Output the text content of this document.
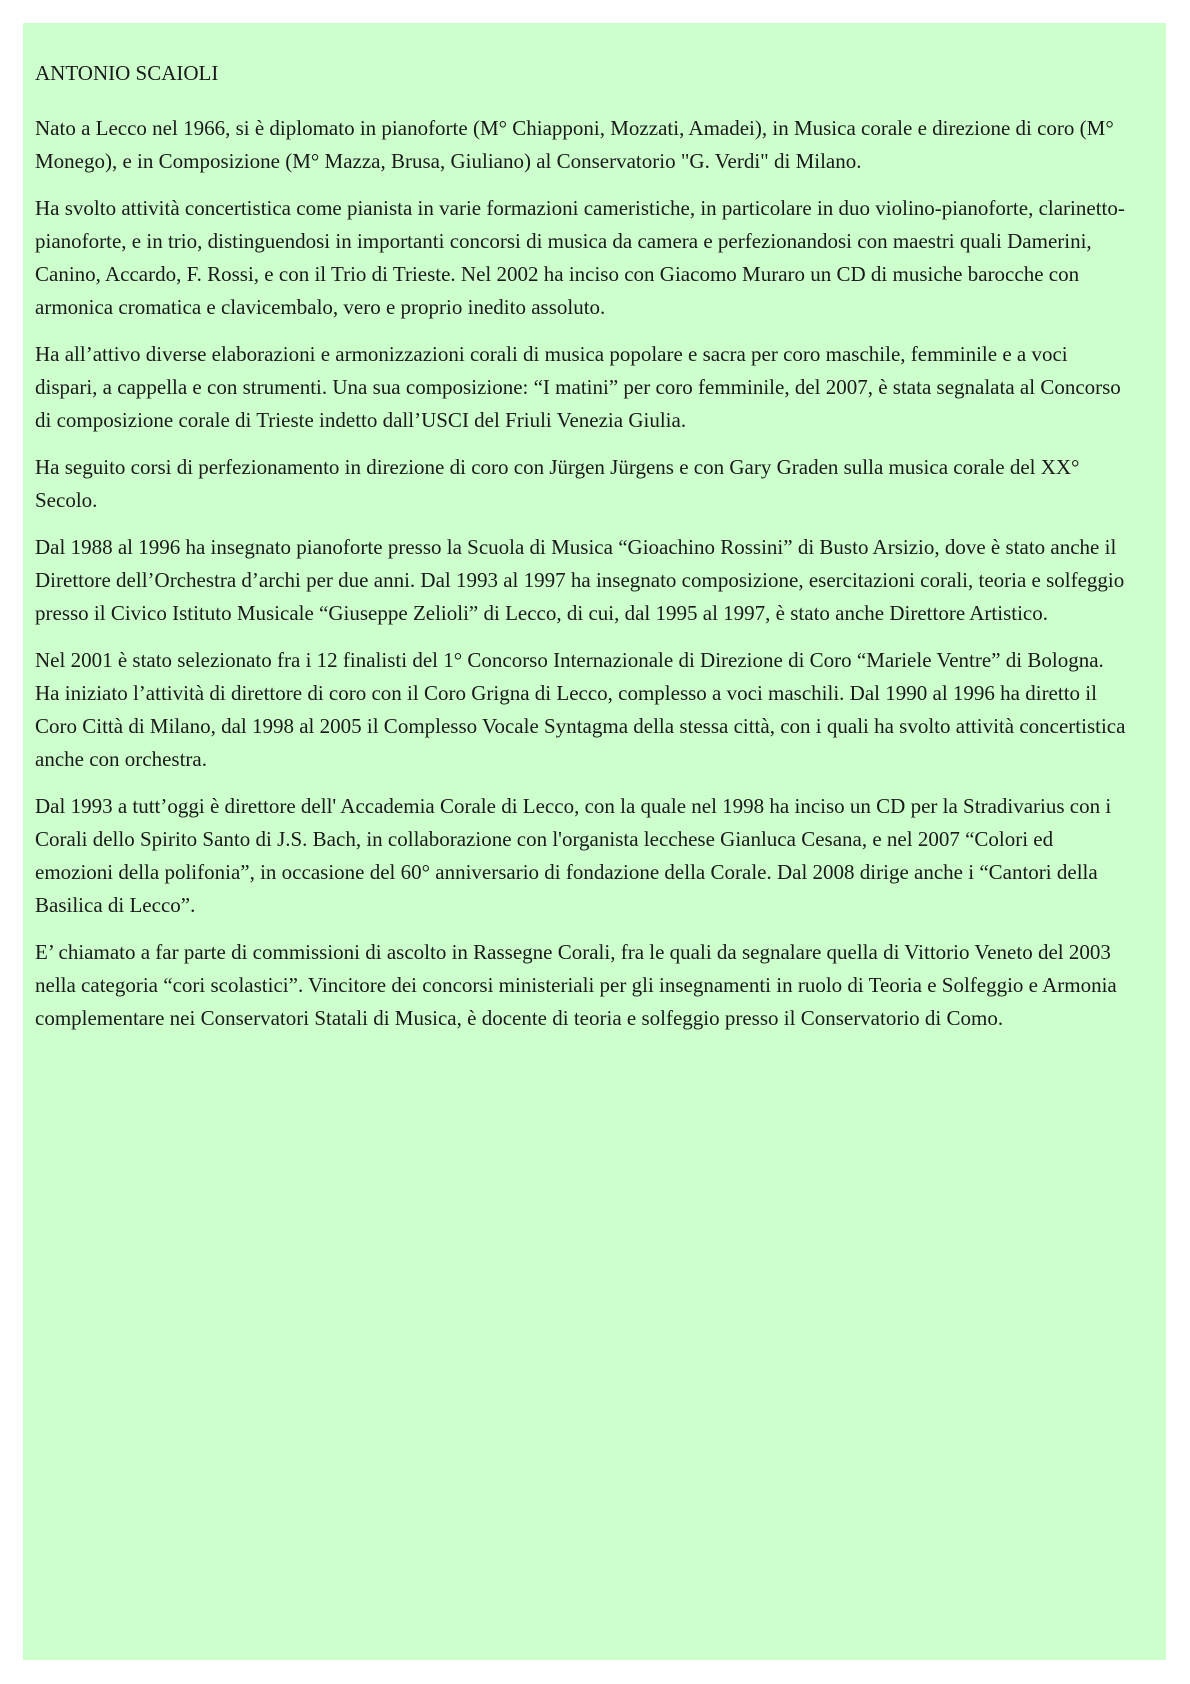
ANTONIO SCAIOLI

Nato a Lecco nel 1966, si è diplomato in pianoforte (M° Chiapponi, Mozzati, Amadei), in Musica corale e direzione di coro (M° Monego), e in Composizione (M° Mazza, Brusa, Giuliano) al Conservatorio "G. Verdi" di Milano.

Ha svolto attività concertistica come pianista in varie formazioni cameristiche, in particolare in duo violino-pianoforte, clarinetto-pianoforte, e in trio, distinguendosi in importanti concorsi di musica da camera e perfezionandosi con maestri quali Damerini, Canino, Accardo, F. Rossi, e con il Trio di Trieste. Nel 2002 ha inciso con Giacomo Muraro un CD di musiche barocche con armonica cromatica e clavicembalo, vero e proprio inedito assoluto.

Ha all’attivo diverse elaborazioni e armonizzazioni corali di musica popolare e sacra per coro maschile, femminile e a voci dispari, a cappella e con strumenti. Una sua composizione: “I matini” per coro femminile, del 2007, è stata segnalata al Concorso di composizione corale di Trieste indetto dall’USCI del Friuli Venezia Giulia.

Ha seguito corsi di perfezionamento in direzione di coro con Jürgen Jürgens e con Gary Graden sulla musica corale del XX° Secolo.

Dal 1988 al 1996 ha insegnato pianoforte presso la Scuola di Musica “Gioachino Rossini” di Busto Arsizio, dove è stato anche il Direttore dell’Orchestra d’archi per due anni. Dal 1993 al 1997 ha insegnato composizione, esercitazioni corali, teoria e solfeggio presso il Civico Istituto Musicale “Giuseppe Zelioli” di Lecco, di cui, dal 1995 al 1997, è stato anche Direttore Artistico.

Nel 2001 è stato selezionato fra i 12 finalisti del 1° Concorso Internazionale di Direzione di Coro “Mariele Ventre” di Bologna. Ha iniziato l’attività di direttore di coro con il Coro Grigna di Lecco, complesso a voci maschili. Dal 1990 al 1996 ha diretto il Coro Città di Milano, dal 1998 al 2005 il Complesso Vocale Syntagma della stessa città, con i quali ha svolto attività concertistica anche con orchestra.

Dal 1993 a tutt’oggi è direttore dell' Accademia Corale di Lecco, con la quale nel 1998 ha inciso un CD per la Stradivarius con i Corali dello Spirito Santo di J.S. Bach, in collaborazione con l'organista lecchese Gianluca Cesana, e nel 2007 “Colori ed emozioni della polifonia”, in occasione del 60° anniversario di fondazione della Corale. Dal 2008 dirige anche i “Cantori della Basilica di Lecco”.

E’ chiamato a far parte di commissioni di ascolto in Rassegne Corali, fra le quali da segnalare quella di Vittorio Veneto del 2003 nella categoria “cori scolastici”. Vincitore dei concorsi ministeriali per gli insegnamenti in ruolo di Teoria e Solfeggio e Armonia complementare nei Conservatori Statali di Musica, è docente di teoria e solfeggio presso il Conservatorio di Como.
